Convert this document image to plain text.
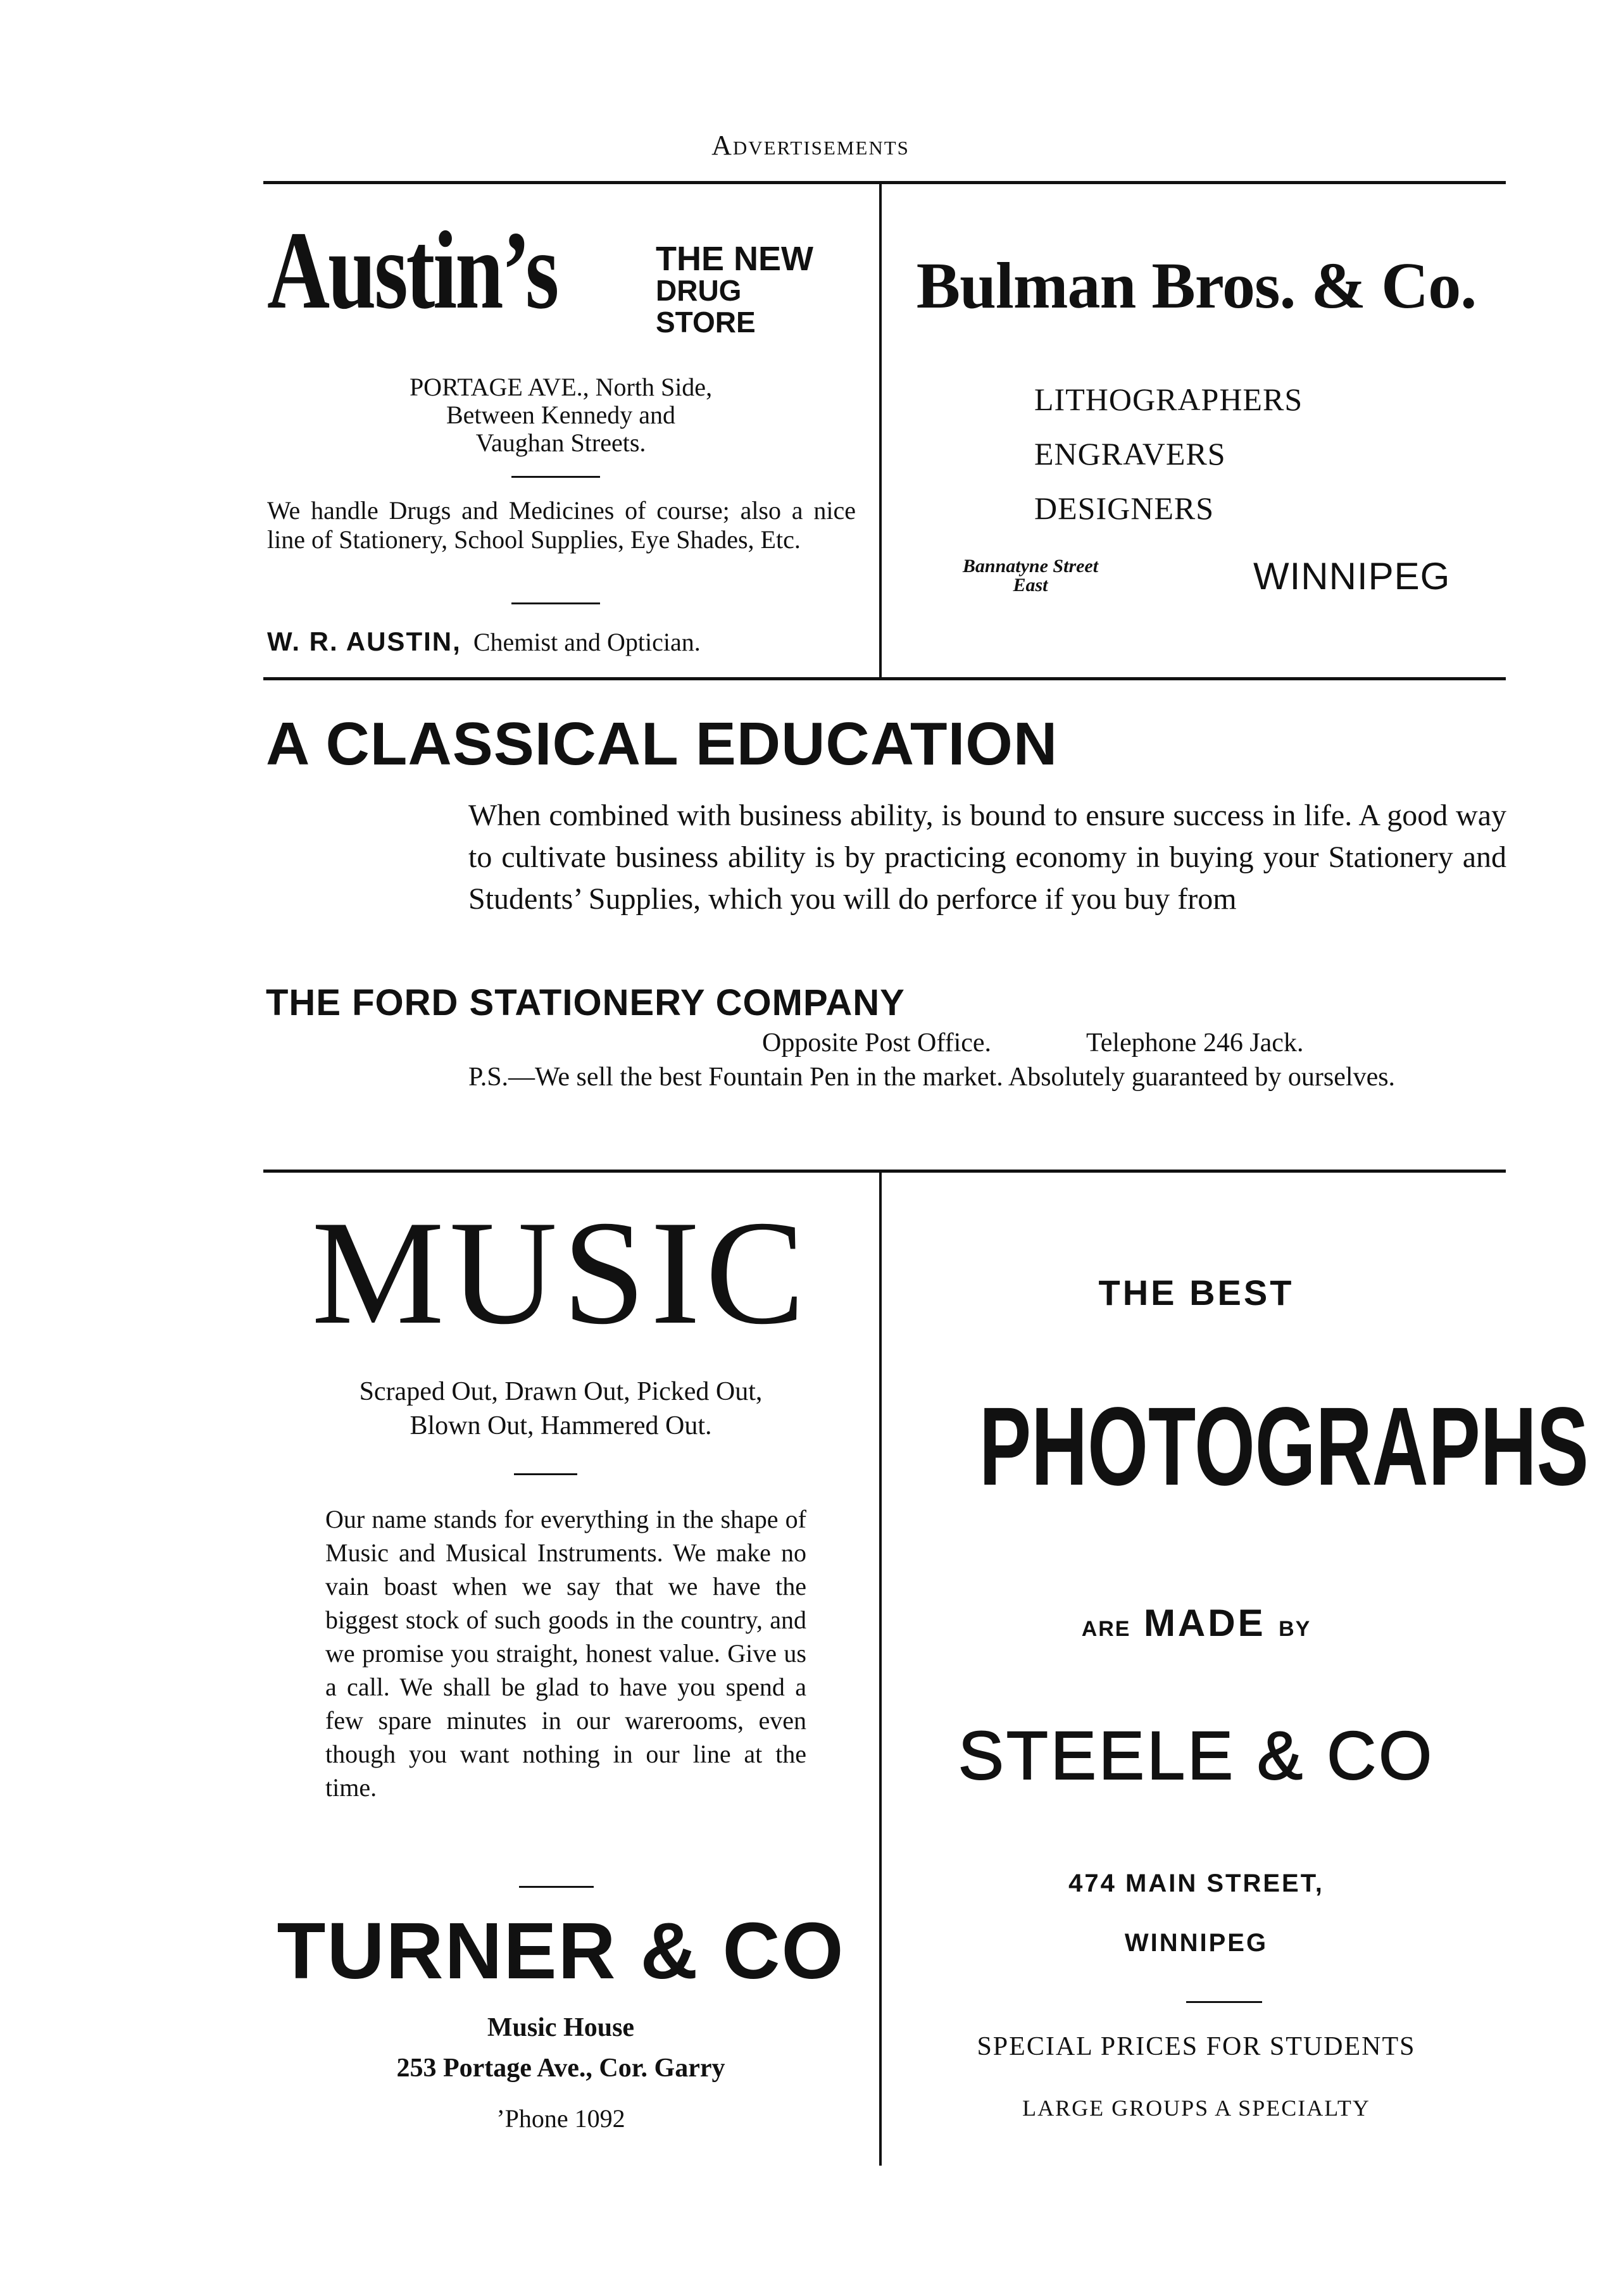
Advertisements
Austin’s	THE NEW
DRUG
STORE
PORTAGE AVE., North Side,
Between Kennedy and
Vaughan Streets.
We handle Drugs and Medicines of course; also a nice line of Stationery, School Supplies, Eye Shades, Etc.
W. R. AUSTIN, Chemist and Optician.
Bulman Bros. & Co.
LITHOGRAPHERS
ENGRAVERS
DESIGNERS
Bannatyne Street
East	WINNIPEG
A CLASSICAL EDUCATION
When combined with business ability, is bound to ensure success in life. A good way to cultivate business ability is by practicing economy in buying your Stationery and Students’ Supplies, which you will do perforce if you buy from
THE FORD STATIONERY COMPANY
Opposite Post Office.	Telephone 246 Jack.
P.S.—We sell the best Fountain Pen in the market. Absolutely guaranteed by ourselves.
MUSIC
Scraped Out, Drawn Out, Picked Out,
Blown Out, Hammered Out.
Our name stands for everything in the shape of Music and Musical Instruments. We make no vain boast when we say that we have the biggest stock of such goods in the country, and we promise you straight, honest value. Give us a call. We shall be glad to have you spend a few spare minutes in our warerooms, even though you want nothing in our line at the time.
TURNER & CO
Music House
253 Portage Ave., Cor. Garry
’Phone 1092
THE BEST
PHOTOGRAPHS
ARE MADE BY
STEELE & CO
474 MAIN STREET,
WINNIPEG
SPECIAL PRICES FOR STUDENTS
LARGE GROUPS A SPECIALTY
